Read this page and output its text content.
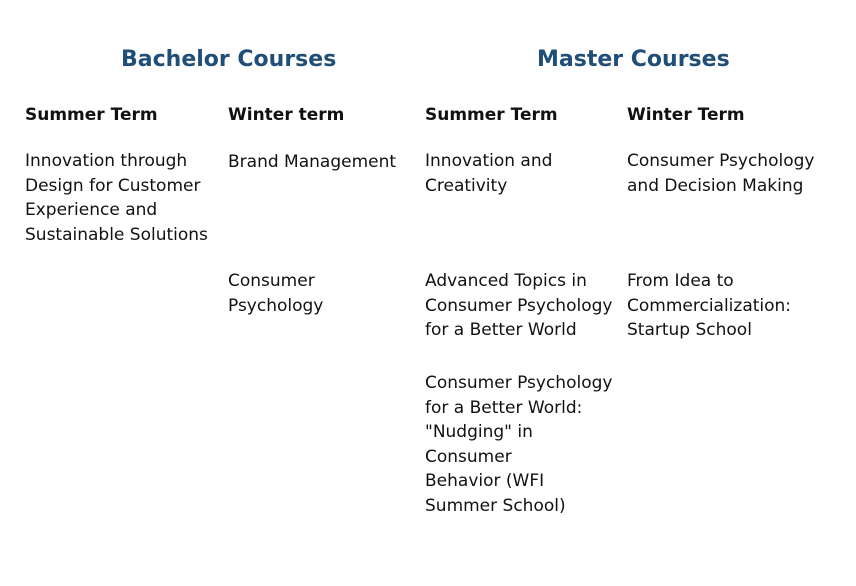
Bachelor Courses	Master Courses
Summer Term
Innovation through
Design for Customer
Experience and
Sustainable Solutions
Winter term
Brand Management
Consumer
Psychology
Summer Term
Innovation and
Creativity
Advanced Topics in
Consumer Psychology
for a Better World
Consumer Psychology
for a Better World:
"Nudging" in
Consumer
Behavior (WFI
Summer School)
Winter Term
Consumer Psychology
and Decision Making
From Idea to
Commercialization:
Startup School
